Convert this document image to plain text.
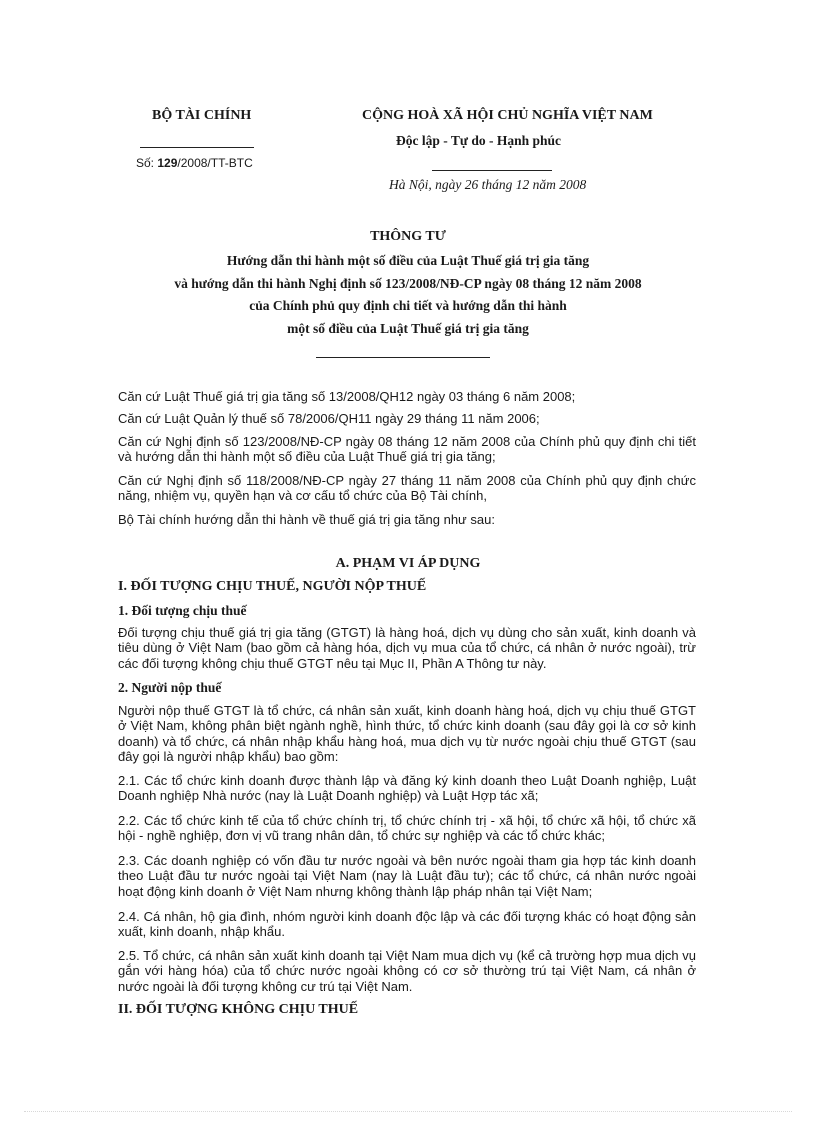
BỘ TÀI CHÍNH
Số: 129/2008/TT-BTC
CỘNG HOÀ XÃ HỘI CHỦ NGHĨA VIỆT NAM
Độc lập - Tự do - Hạnh phúc
Hà Nội, ngày 26 tháng 12 năm 2008
THÔNG TƯ
Hướng dẫn thi hành một số điều của Luật Thuế giá trị gia tăng
và hướng dẫn thi hành Nghị định số 123/2008/NĐ-CP ngày 08 tháng 12 năm 2008
của Chính phủ quy định chi tiết và hướng dẫn thi hành
một số điều của Luật Thuế giá trị gia tăng
Căn cứ Luật Thuế giá trị gia tăng số 13/2008/QH12 ngày 03 tháng 6 năm 2008;
Căn cứ Luật Quản lý thuế số 78/2006/QH11 ngày 29 tháng 11 năm 2006;
Căn cứ Nghị định số 123/2008/NĐ-CP ngày 08 tháng 12 năm 2008 của Chính phủ quy định chi tiết và hướng dẫn thi hành một số điều của Luật Thuế giá trị gia tăng;
Căn cứ Nghị định số 118/2008/NĐ-CP ngày 27 tháng 11 năm 2008 của Chính phủ quy định chức năng, nhiệm vụ, quyền hạn và cơ cấu tổ chức của Bộ Tài chính,
Bộ Tài chính hướng dẫn thi hành về thuế giá trị gia tăng như sau:
A. PHẠM VI ÁP DỤNG
I. ĐỐI TƯỢNG CHỊU THUẾ, NGƯỜI NỘP THUẾ
1. Đối tượng chịu thuế
Đối tượng chịu thuế giá trị gia tăng (GTGT) là hàng hoá, dịch vụ dùng cho sản xuất, kinh doanh và tiêu dùng ở Việt Nam (bao gồm cả hàng hóa, dịch vụ mua của tổ chức, cá nhân ở nước ngoài), trừ các đối tượng không chịu thuế GTGT nêu tại Mục II, Phần A Thông tư này.
2. Người nộp thuế
Người nộp thuế GTGT là tổ chức, cá nhân sản xuất, kinh doanh hàng hoá, dịch vụ chịu thuế GTGT ở Việt Nam, không phân biệt ngành nghề, hình thức, tổ chức kinh doanh (sau đây gọi là cơ sở kinh doanh) và tổ chức, cá nhân nhập khẩu hàng hoá, mua dịch vụ từ nước ngoài chịu thuế GTGT (sau đây gọi là người nhập khẩu) bao gồm:
2.1. Các tổ chức kinh doanh được thành lập và đăng ký kinh doanh theo Luật Doanh nghiệp, Luật Doanh nghiệp Nhà nước (nay là Luật Doanh nghiệp) và Luật Hợp tác xã;
2.2. Các tổ chức kinh tế của tổ chức chính trị, tổ chức chính trị - xã hội, tổ chức xã hội, tổ chức xã hội - nghề nghiệp, đơn vị vũ trang nhân dân, tổ chức sự nghiệp và các tổ chức khác;
2.3. Các doanh nghiệp có vốn đầu tư nước ngoài và bên nước ngoài tham gia hợp tác kinh doanh theo Luật đầu tư nước ngoài tại Việt Nam (nay là Luật đầu tư); các tổ chức, cá nhân nước ngoài hoạt động kinh doanh ở Việt Nam nhưng không thành lập pháp nhân tại Việt Nam;
2.4. Cá nhân, hộ gia đình, nhóm người kinh doanh độc lập và các đối tượng khác có hoạt động sản xuất, kinh doanh, nhập khẩu.
2.5. Tổ chức, cá nhân sản xuất kinh doanh tại Việt Nam mua dịch vụ (kể cả trường hợp mua dịch vụ gắn với hàng hóa) của tổ chức nước ngoài không có cơ sở thường trú tại Việt Nam, cá nhân ở nước ngoài là đối tượng không cư trú tại Việt Nam.
II. ĐỐI TƯỢNG KHÔNG CHỊU THUẾ
